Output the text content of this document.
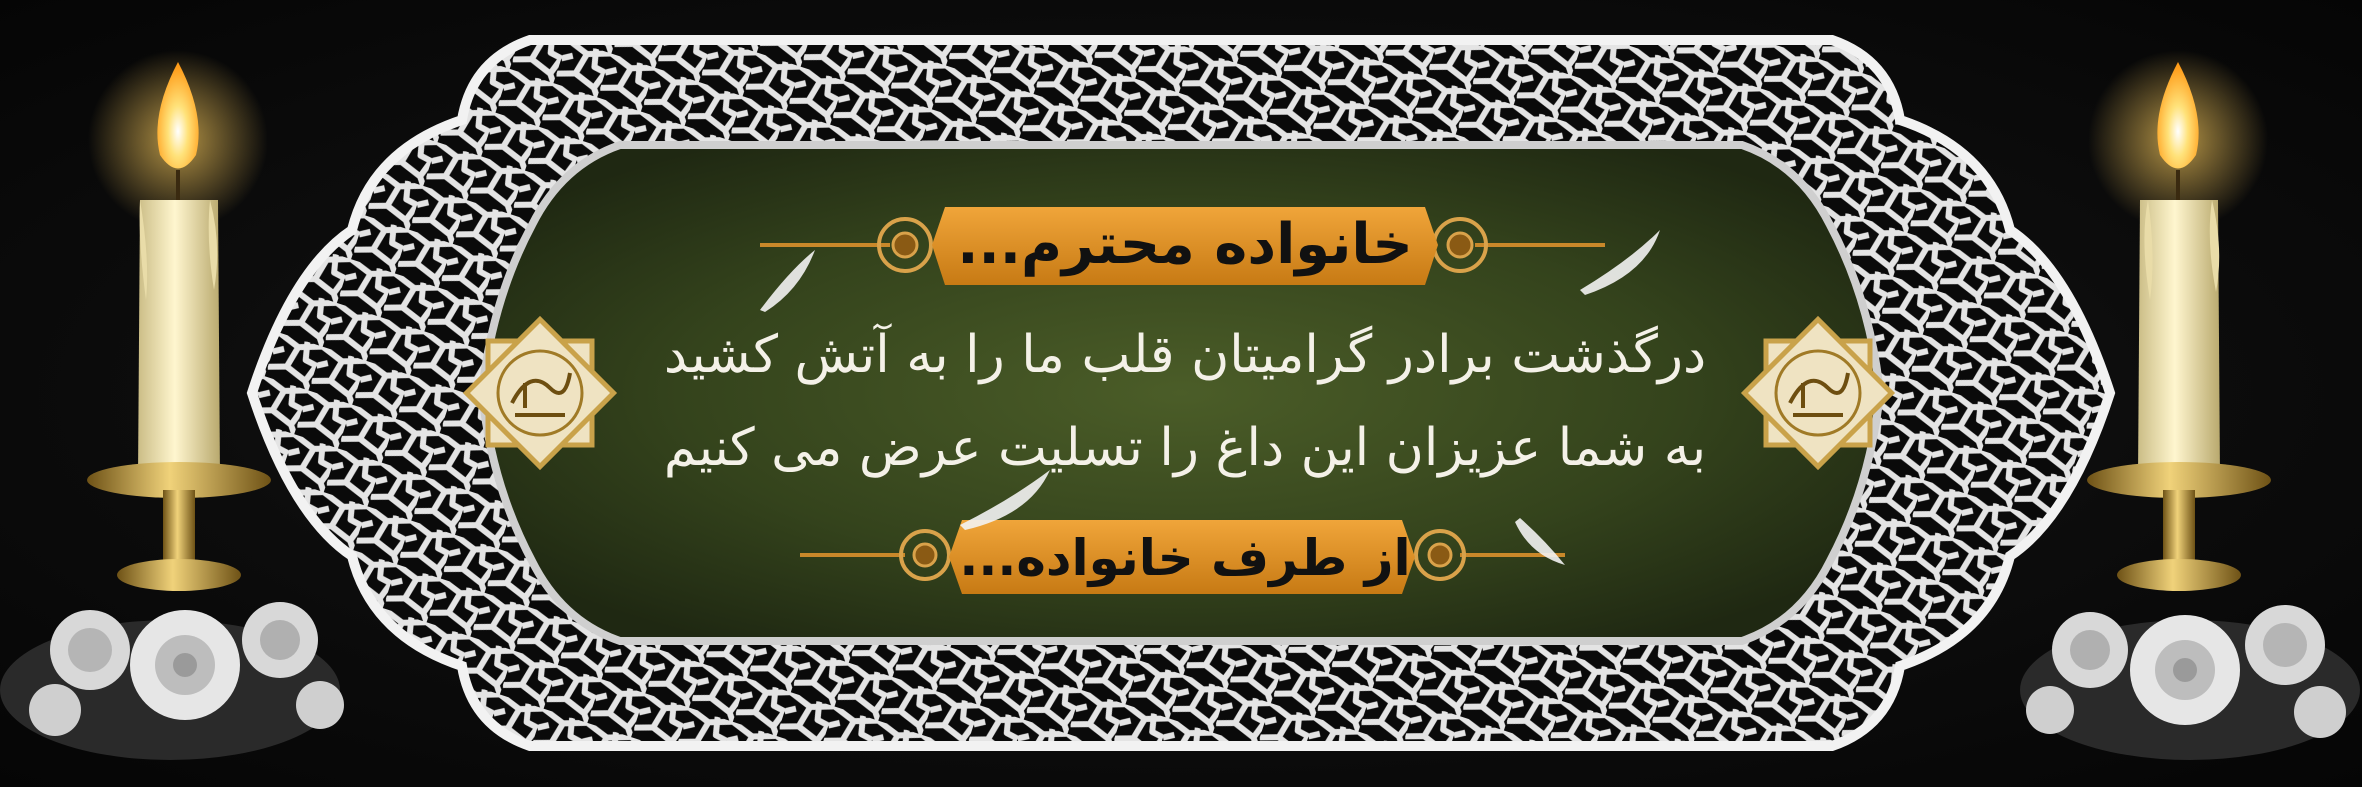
خانواده محترم...
درگذشت برادر گرامیتان قلب ما را به آتش کشید
به شما عزیزان این داغ را تسلیت عرض می کنیم
از طرف خانواده...
